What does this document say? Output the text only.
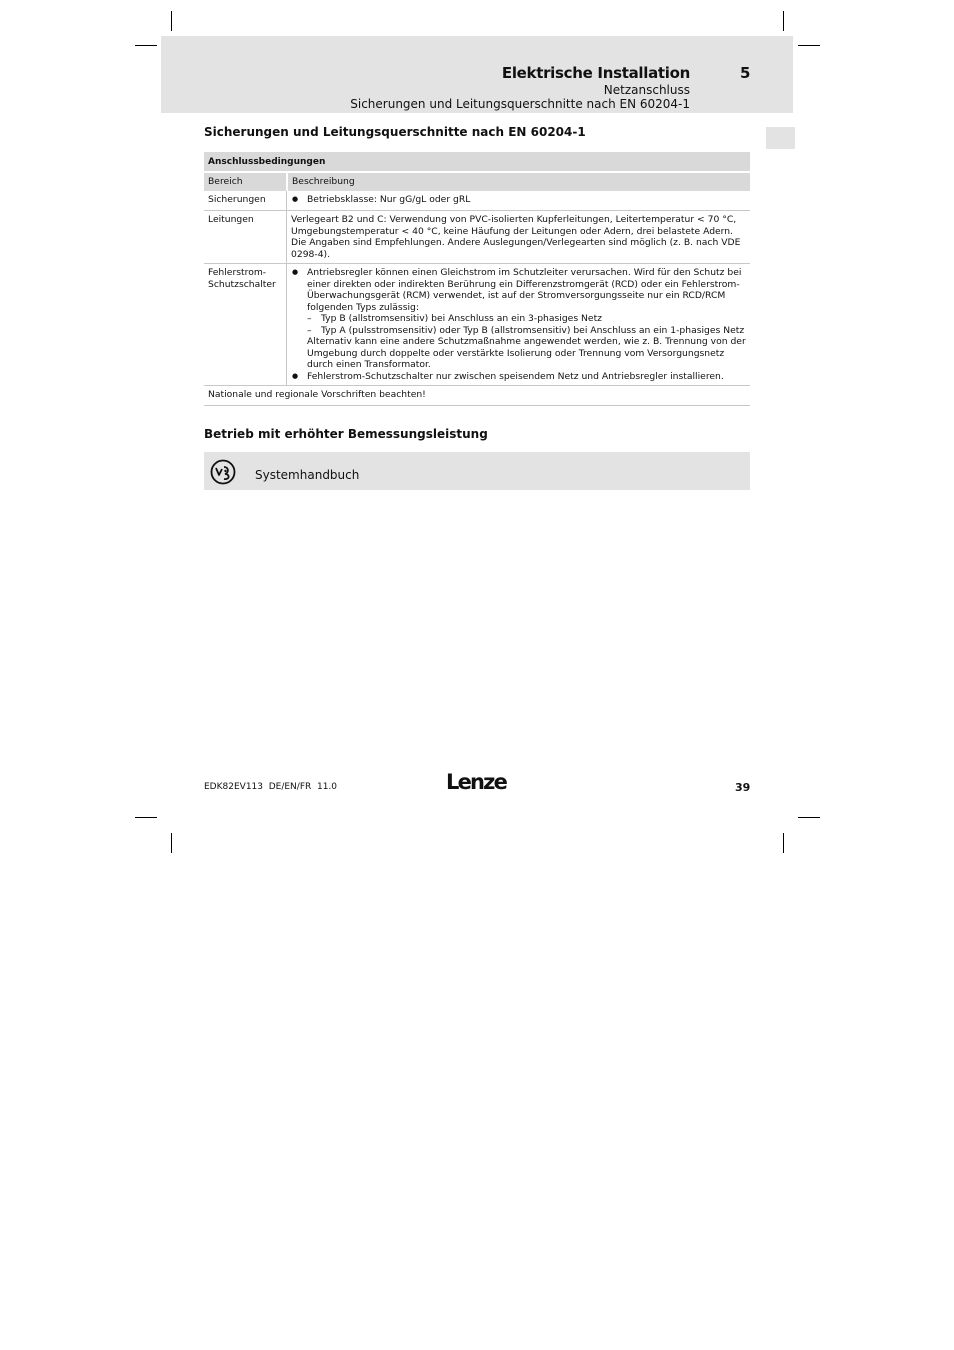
Elektrische Installation	5
Netzanschluss
Sicherungen und Leitungsquerschnitte nach EN 60204-1
Sicherungen und Leitungsquerschnitte nach EN 60204-1
Anschlussbedingungen
Bereich	Beschreibung
Sicherungen
●	Betriebsklasse: Nur gG/gL oder gRL
Leitungen	Verlegeart B2 und C: Verwendung von PVC-isolierten Kupferleitungen, Leitertemperatur < 70 °C, Umgebungstemperatur < 40 °C, keine Häufung der Leitungen oder Adern, drei belastete Adern. Die Angaben sind Empfehlungen. Andere Auslegungen/Verlegearten sind möglich (z. B. nach VDE 0298-4).
Fehlerstrom-Schutzschalter
● Antriebsregler können einen Gleichstrom im Schutzleiter verursachen. Wird für den Schutz bei einer direkten oder indirekten Berührung ein Differenzstromgerät (RCD) oder ein Fehlerstrom-Überwachungsgerät (RCM) verwendet, ist auf der Stromversorgungsseite nur ein RCD/RCM folgenden Typs zulässig:
– Typ B (allstromsensitiv) bei Anschluss an ein 3-phasiges Netz
– Typ A (pulsstromsensitiv) oder Typ B (allstromsensitiv) bei Anschluss an ein 1-phasiges Netz
Alternativ kann eine andere Schutzmaßnahme angewendet werden, wie z. B. Trennung von der Umgebung durch doppelte oder verstärkte Isolierung oder Trennung vom Versorgungsnetz durch einen Transformator.
● Fehlerstrom-Schutzschalter nur zwischen speisendem Netz und Antriebsregler installieren.
Nationale und regionale Vorschriften beachten!
Betrieb mit erhöhter Bemessungsleistung
Systemhandbuch
EDK82EV113  DE/EN/FR  11.0	Lenze	39
